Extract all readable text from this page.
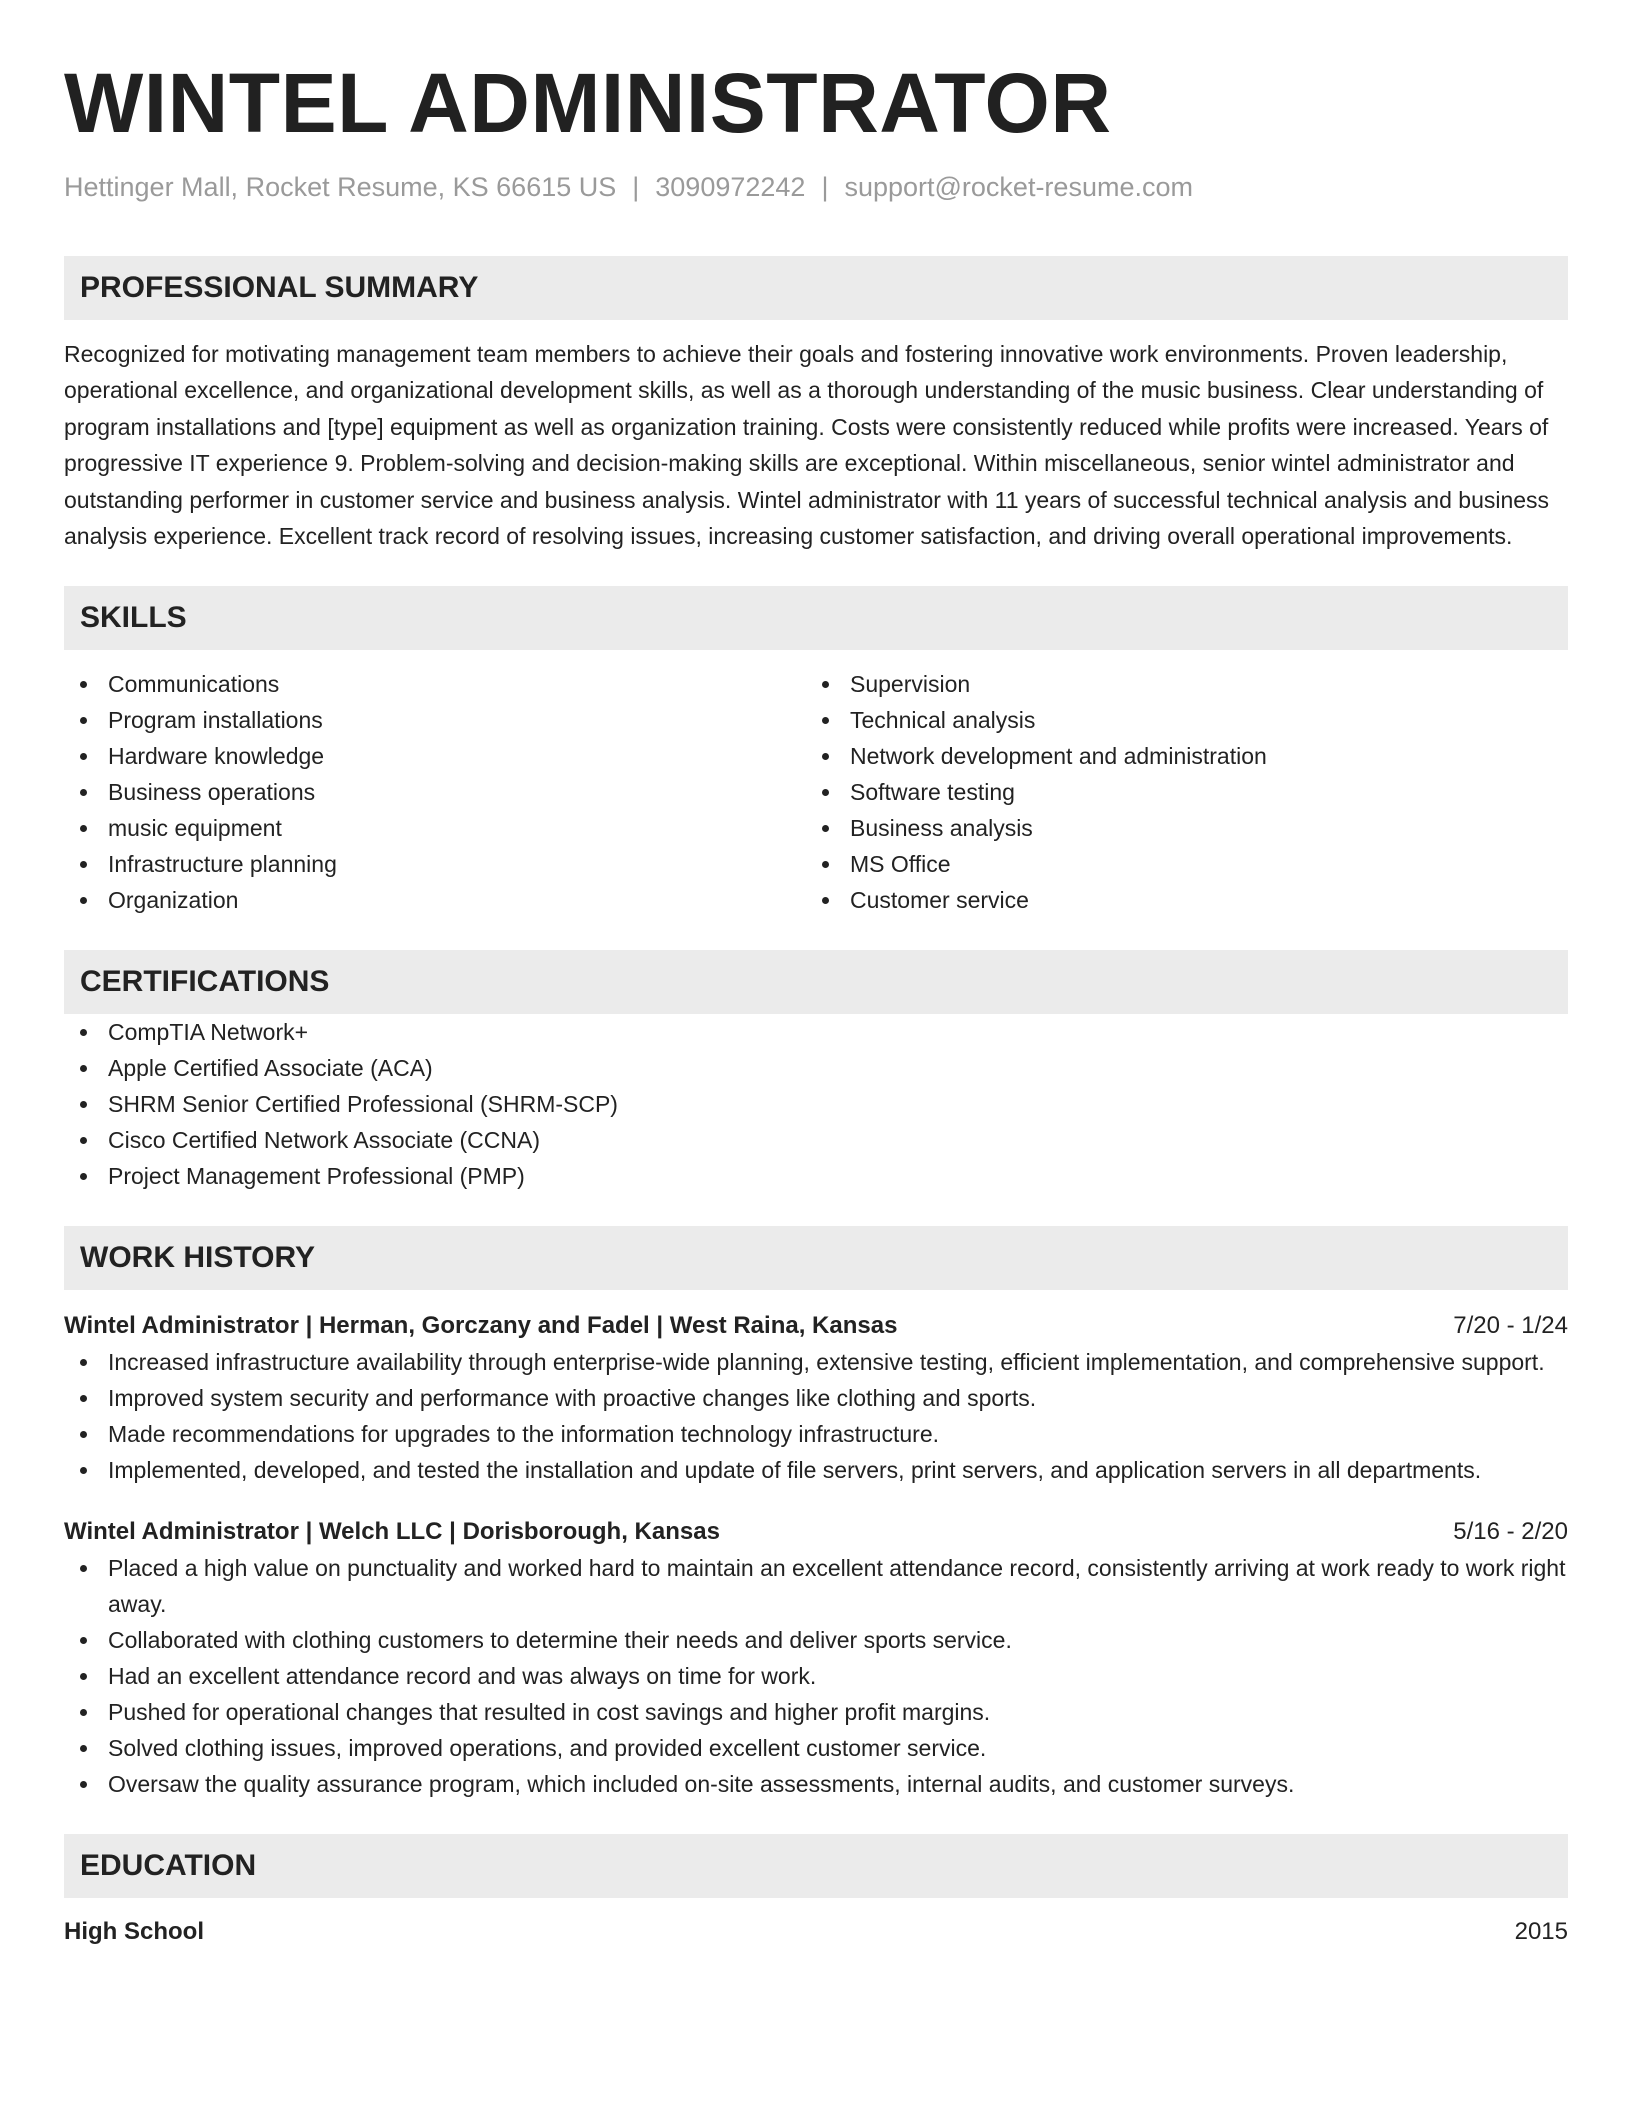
WINTEL ADMINISTRATOR
Hettinger Mall, Rocket Resume, KS 66615 US | 3090972242 | support@rocket-resume.com
PROFESSIONAL SUMMARY

Recognized for motivating management team members to achieve their goals and fostering innovative work environments. Proven leadership, operational excellence, and organizational development skills, as well as a thorough understanding of the music business. Clear understanding of program installations and [type] equipment as well as organization training. Costs were consistently reduced while profits were increased. Years of progressive IT experience 9. Problem-solving and decision-making skills are exceptional. Within miscellaneous, senior wintel administrator and outstanding performer in customer service and business analysis. Wintel administrator with 11 years of successful technical analysis and business analysis experience. Excellent track record of resolving issues, increasing customer satisfaction, and driving overall operational improvements.

SKILLS
Communications
Program installations
Hardware knowledge
Business operations
music equipment
Infrastructure planning
Organization
Supervision
Technical analysis
Network development and administration
Software testing
Business analysis
MS Office
Customer service
CERTIFICATIONS
CompTIA Network+
Apple Certified Associate (ACA)
SHRM Senior Certified Professional (SHRM-SCP)
Cisco Certified Network Associate (CCNA)
Project Management Professional (PMP)
WORK HISTORY
Wintel Administrator | Herman, Gorczany and Fadel | West Raina, Kansas	7/20 - 1/24
Increased infrastructure availability through enterprise-wide planning, extensive testing, efficient implementation, and comprehensive support.
Improved system security and performance with proactive changes like clothing and sports.
Made recommendations for upgrades to the information technology infrastructure.
Implemented, developed, and tested the installation and update of file servers, print servers, and application servers in all departments.
Wintel Administrator | Welch LLC | Dorisborough, Kansas	5/16 - 2/20
Placed a high value on punctuality and worked hard to maintain an excellent attendance record, consistently arriving at work ready to work right away.
Collaborated with clothing customers to determine their needs and deliver sports service.
Had an excellent attendance record and was always on time for work.
Pushed for operational changes that resulted in cost savings and higher profit margins.
Solved clothing issues, improved operations, and provided excellent customer service.
Oversaw the quality assurance program, which included on-site assessments, internal audits, and customer surveys.
EDUCATION
High School	2015
